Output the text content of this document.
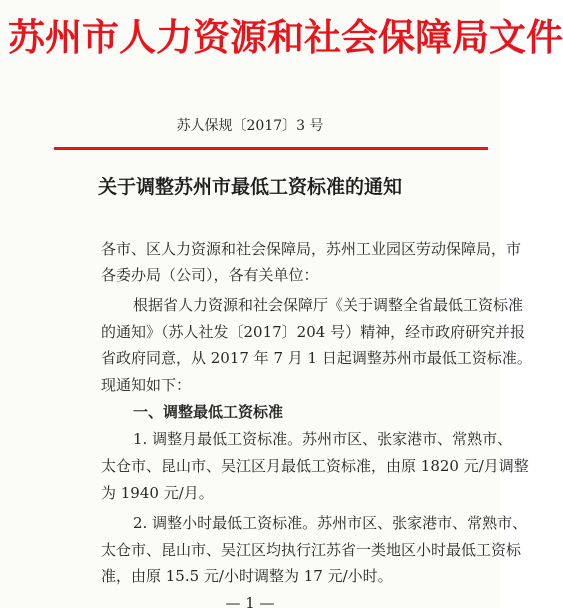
苏州市人力资源和社会保障局文件
苏人保规〔2017〕3 号
关于调整苏州市最低工资标准的通知
各市、区人力资源和社会保障局，苏州工业园区劳动保障局，市
各委办局（公司），各有关单位：
根据省人力资源和社会保障厅《关于调整全省最低工资标准
的通知》（苏人社发〔2017〕204 号）精神，经市政府研究并报
省政府同意，从 2017 年 7 月 1 日起调整苏州市最低工资标准。
现通知如下：
一、调整最低工资标准
1. 调整月最低工资标准。苏州市区、张家港市、常熟市、
太仓市、昆山市、吴江区月最低工资标准，由原 1820 元/月调整
为 1940 元/月。
2. 调整小时最低工资标准。苏州市区、张家港市、常熟市、
太仓市、昆山市、吴江区均执行江苏省一类地区小时最低工资标
准，由原 15.5 元/小时调整为 17 元/小时。
— 1 —
